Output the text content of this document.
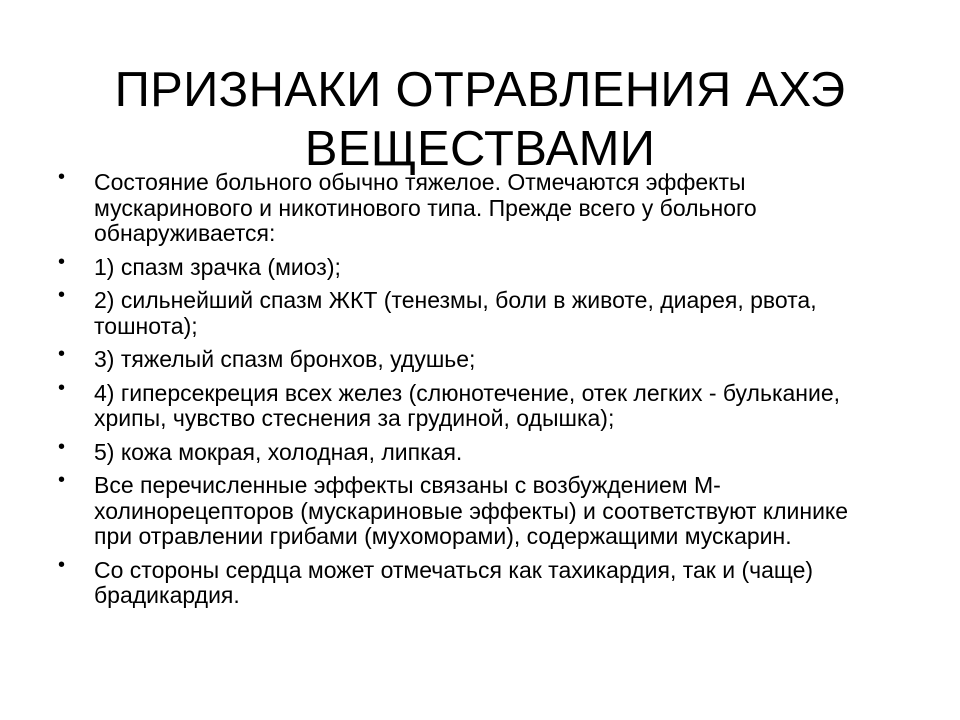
ПРИЗНАКИ ОТРАВЛЕНИЯ АХЭ
ВЕЩЕСТВАМИ
• Состояние больного обычно тяжелое. Отмечаются эффекты мускаринового и никотинового типа. Прежде всего у больного обнаруживается:
• 1) спазм зрачка (миоз);
• 2) сильнейший спазм ЖКТ (тенезмы, боли в животе, диарея, рвота, тошнота);
• 3) тяжелый спазм бронхов, удушье;
• 4) гиперсекреция всех желез (слюнотечение, отек легких - булькание, хрипы, чувство стеснения за грудиной, одышка);
• 5) кожа мокрая, холодная, липкая.
• Все перечисленные эффекты связаны с возбуждением М-холинорецепторов (мускариновые эффекты) и соответствуют клинике при отравлении грибами (мухоморами), содержащими мускарин.
• Со стороны сердца может отмечаться как тахикардия, так и (чаще) брадикардия.
